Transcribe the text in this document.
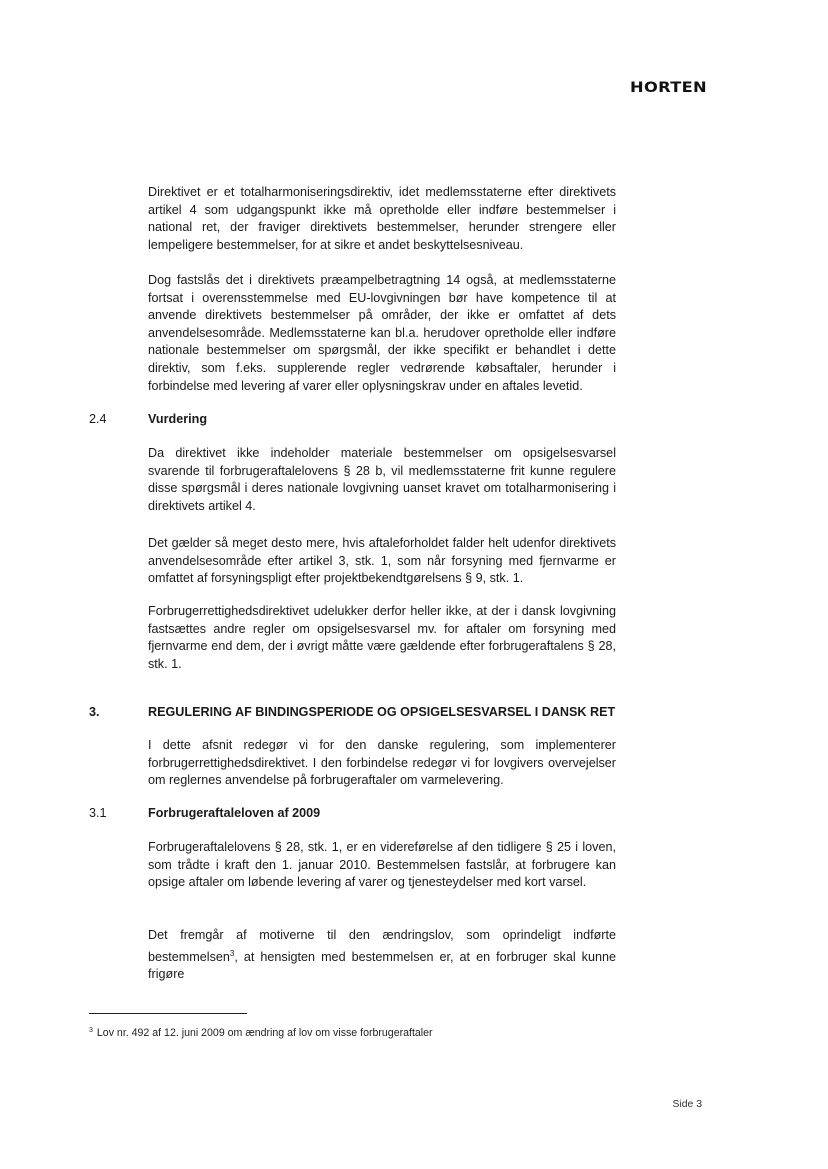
HORTEN
Direktivet er et totalharmoniseringsdirektiv, idet medlemsstaterne efter direktivets artikel 4 som udgangspunkt ikke må opretholde eller indføre bestemmelser i national ret, der fraviger direktivets bestemmelser, herunder strengere eller lempeligere bestemmelser, for at sikre et andet beskyttelsesniveau.
Dog fastslås det i direktivets præampelbetragtning 14 også, at medlemsstaterne fortsat i overensstemmelse med EU-lovgivningen bør have kompetence til at anvende direktivets bestemmelser på områder, der ikke er omfattet af dets anvendelsesområde. Medlemsstaterne kan bl.a. herudover opretholde eller indføre nationale bestemmelser om spørgsmål, der ikke specifikt er behandlet i dette direktiv, som f.eks. supplerende regler vedrørende købsaftaler, herunder i forbindelse med levering af varer eller oplysningskrav under en aftales levetid.
2.4	Vurdering
Da direktivet ikke indeholder materiale bestemmelser om opsigelsesvarsel svarende til forbrugeraftalelovens § 28 b, vil medlemsstaterne frit kunne regulere disse spørgsmål i deres nationale lovgivning uanset kravet om totalharmonisering i direktivets artikel 4.
Det gælder så meget desto mere, hvis aftaleforholdet falder helt udenfor direktivets anvendelsesområde efter artikel 3, stk. 1, som når forsyning med fjernvarme er omfattet af forsyningspligt efter projektbekendtgørelsens § 9, stk. 1.
Forbrugerrettighedsdirektivet udelukker derfor heller ikke, at der i dansk lovgivning fastsættes andre regler om opsigelsesvarsel mv. for aftaler om forsyning med fjernvarme end dem, der i øvrigt måtte være gældende efter forbrugeraftalens § 28, stk. 1.
3.	REGULERING AF BINDINGSPERIODE OG OPSIGELSESVARSEL I DANSK RET
I dette afsnit redegør vi for den danske regulering, som implementerer forbrugerrettighedsdirektivet. I den forbindelse redegør vi for lovgivers overvejelser om reglernes anvendelse på forbrugeraftaler om varmelevering.
3.1	Forbrugeraftaleloven af 2009
Forbrugeraftalelovens § 28, stk. 1, er en videreførelse af den tidligere § 25 i loven, som trådte i kraft den 1. januar 2010. Bestemmelsen fastslår, at forbrugere kan opsige aftaler om løbende levering af varer og tjenesteydelser med kort varsel.
Det fremgår af motiverne til den ændringslov, som oprindeligt indførte bestemmelsen$^3$, at hensigten med bestemmelsen er, at en forbruger skal kunne frigøre
$^3$ Lov nr. 492 af 12. juni 2009 om ændring af lov om visse forbrugeraftaler
Side 3
